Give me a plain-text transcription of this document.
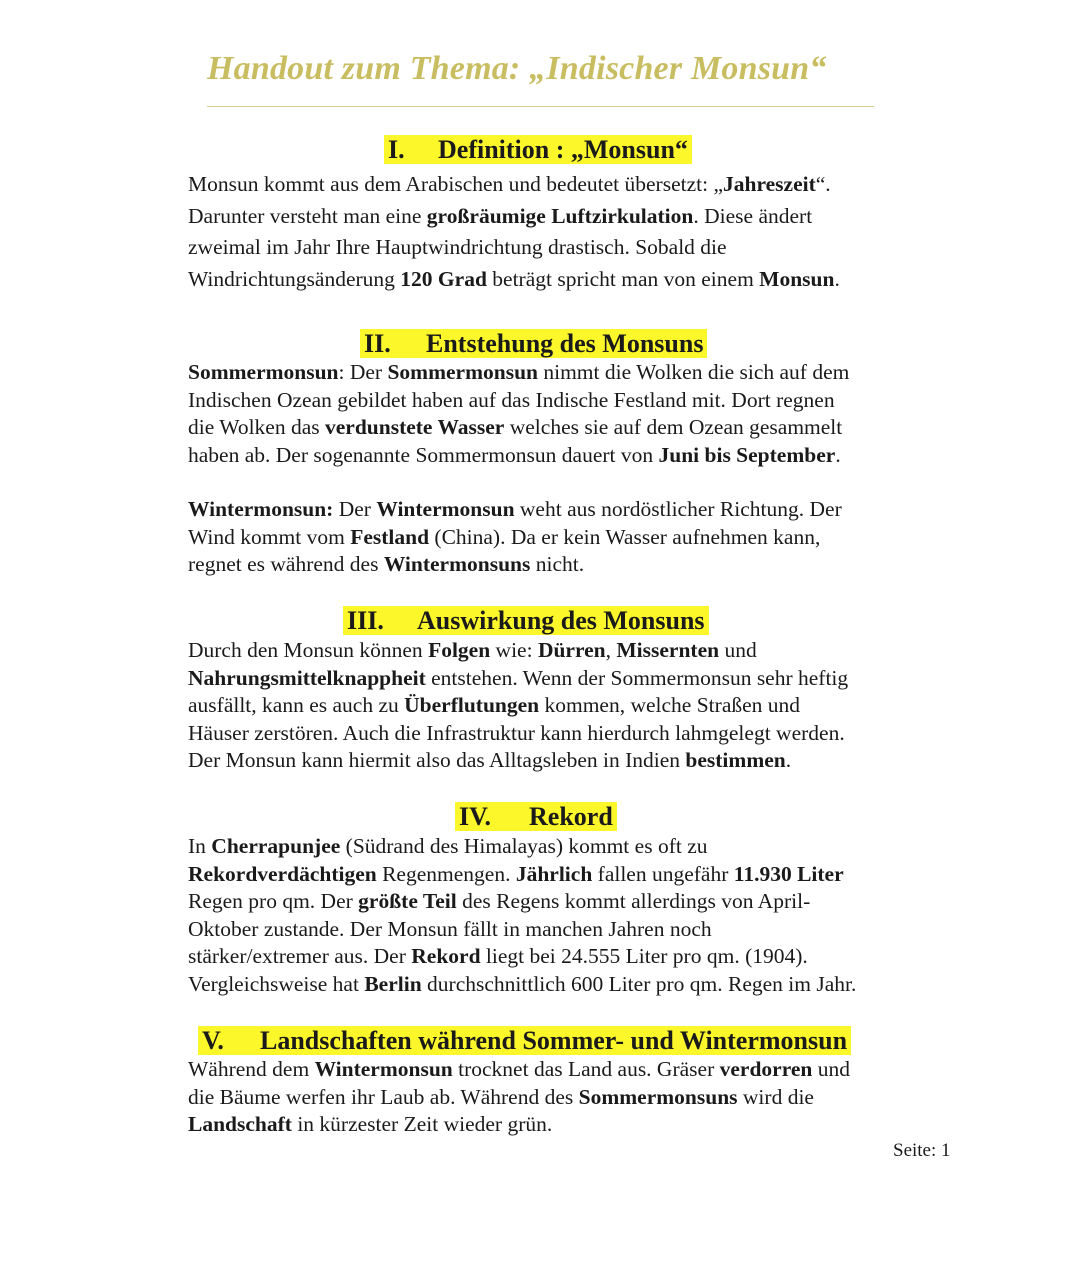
Handout zum Thema: „Indischer Monsun“
I. Definition : „Monsun“
Monsun kommt aus dem Arabischen und bedeutet übersetzt: „Jahreszeit“.
Darunter versteht man eine großräumige Luftzirkulation. Diese ändert
zweimal im Jahr Ihre Hauptwindrichtung drastisch. Sobald die
Windrichtungsänderung 120 Grad beträgt spricht man von einem Monsun.
II. Entstehung des Monsuns
Sommermonsun: Der Sommermonsun nimmt die Wolken die sich auf dem
Indischen Ozean gebildet haben auf das Indische Festland mit. Dort regnen
die Wolken das verdunstete Wasser welches sie auf dem Ozean gesammelt
haben ab. Der sogenannte Sommermonsun dauert von Juni bis September.
Wintermonsun: Der Wintermonsun weht aus nordöstlicher Richtung. Der
Wind kommt vom Festland (China). Da er kein Wasser aufnehmen kann,
regnet es während des Wintermonsuns nicht.
III. Auswirkung des Monsuns
Durch den Monsun können Folgen wie: Dürren, Missernten und
Nahrungsmittelknappheit entstehen. Wenn der Sommermonsun sehr heftig
ausfällt, kann es auch zu Überflutungen kommen, welche Straßen und
Häuser zerstören. Auch die Infrastruktur kann hierdurch lahmgelegt werden.
Der Monsun kann hiermit also das Alltagsleben in Indien bestimmen.
IV. Rekord
In Cherrapunjee (Südrand des Himalayas) kommt es oft zu
Rekordverdächtigen Regenmengen. Jährlich fallen ungefähr 11.930 Liter
Regen pro qm. Der größte Teil des Regens kommt allerdings von April-
Oktober zustande. Der Monsun fällt in manchen Jahren noch
stärker/extremer aus. Der Rekord liegt bei 24.555 Liter pro qm. (1904).
Vergleichsweise hat Berlin durchschnittlich 600 Liter pro qm. Regen im Jahr.
V. Landschaften während Sommer- und Wintermonsun
Während dem Wintermonsun trocknet das Land aus. Gräser verdorren und
die Bäume werfen ihr Laub ab. Während des Sommermonsuns wird die
Landschaft in kürzester Zeit wieder grün.
Seite: 1
